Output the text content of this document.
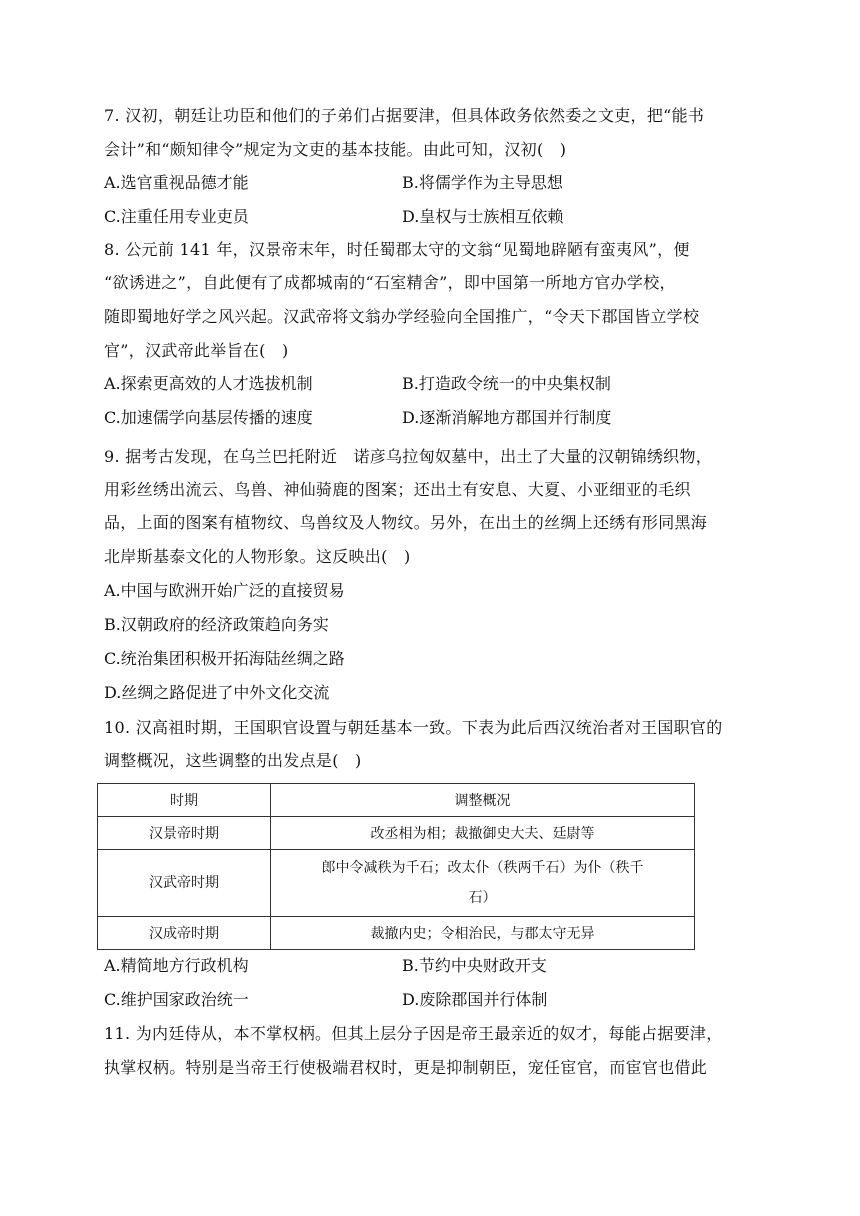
7. 汉初，朝廷让功臣和他们的子弟们占据要津，但具体政务依然委之文吏，把“能书
会计”和“颇知律令”规定为文吏的基本技能。由此可知，汉初(　)
A.选官重视品德才能	B.将儒学作为主导思想
C.注重任用专业吏员	D.皇权与士族相互依赖
8. 公元前 141 年，汉景帝末年，时任蜀郡太守的文翁“见蜀地辟陋有蛮夷风”，便
“欲诱进之”，自此便有了成都城南的“石室精舍”，即中国第一所地方官办学校，
随即蜀地好学之风兴起。汉武帝将文翁办学经验向全国推广，“令天下郡国皆立学校
官”，汉武帝此举旨在(　)
A.探索更高效的人才选拔机制	B.打造政令统一的中央集权制
C.加速儒学向基层传播的速度	D.逐渐消解地方郡国并行制度
9. 据考古发现，在乌兰巴托附近　诺彦乌拉匈奴墓中，出土了大量的汉朝锦绣织物，
用彩丝绣出流云、鸟兽、神仙骑鹿的图案；还出土有安息、大夏、小亚细亚的毛织
品，上面的图案有植物纹、鸟兽纹及人物纹。另外，在出土的丝绸上还绣有形同黑海
北岸斯基泰文化的人物形象。这反映出(　)
A.中国与欧洲开始广泛的直接贸易
B.汉朝政府的经济政策趋向务实
C.统治集团积极开拓海陆丝绸之路
D.丝绸之路促进了中外文化交流
10. 汉高祖时期，王国职官设置与朝廷基本一致。下表为此后西汉统治者对王国职官的
调整概况，这些调整的出发点是(　)
时期	调整概况
汉景帝时期	改丞相为相；裁撤御史大夫、廷尉等
汉武帝时期	郎中令减秩为千石；改太仆（秩两千石）为仆（秩千
石）
汉成帝时期	裁撤内史；令相治民，与郡太守无异
A.精简地方行政机构	B.节约中央财政开支
C.维护国家政治统一	D.废除郡国并行体制
11. 为内廷侍从，本不掌权柄。但其上层分子因是帝王最亲近的奴才，每能占据要津，
执掌权柄。特别是当帝王行使极端君权时，更是抑制朝臣，宠任宦官，而宦官也借此
